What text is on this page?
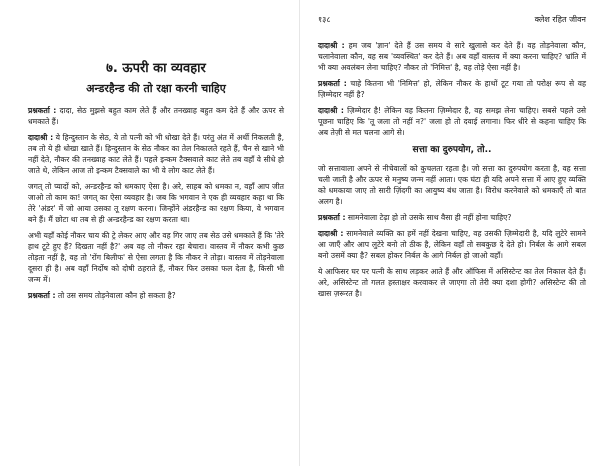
७. ऊपरी का व्यवहार
अन्डरहैन्ड की तो रक्षा करनी चाहिए

प्रश्नकर्ता : दादा, सेठ मुझसे बहुत काम लेते हैं और तनख्वाह बहुत कम देते हैं और ऊपर से धमकाते हैं।

दादाश्री : ये हिन्दुस्तान के सेठ, ये तो पत्नी को भी धोखा देते हैं। परंतु अंत में अर्थी निकलती है, तब तो ये ही धोखा खाते हैं। हिन्दुस्तान के सेठ नौकर का तेल निकालते रहते हैं, चैन से खाने भी नहीं देते, नौकर की तनख्वाह काट लेते हैं। पहले इन्कम टैक्सवाले काट लेते तब वहाँ वे सीधे हो जाते थे, लेकिन आज तो इन्कम टैक्सवाले का भी वे लोग काट लेते हैं।

जगत् तो प्यादों को, अन्डरहैन्ड को धमकाए ऐसा है। अरे, साहब को धमका न, वहाँ आप जीत जाओ तो काम का! जगत् का ऐसा व्यवहार है। जब कि भगवान ने एक ही व्यवहार कहा था कि तेरे 'अंडर' में जो आया उसका तू रक्षण करना। जिन्होंने अंडरहैन्ड का रक्षण किया, वे भगवान बने हैं। मैं छोटा था तब से ही अन्डरहैन्ड का रक्षण करता था।

अभी यहाँ कोई नौकर चाय की ट्रे लेकर आए और वह गिर जाए तब सेठ उसे धमकाते हैं कि 'तेरे हाथ टूटे हुए हैं? दिखता नहीं है?' अब वह तो नौकर रहा बेचारा। वास्तव में नौकर कभी कुछ तोड़ता नहीं है, वह तो 'रोंग बिलीफ' से ऐसा लगता है कि नौकर ने तोड़ा। वास्तव में तोड़नेवाला दूसरा ही है। अब वहाँ निर्दोष को दोषी ठहराते हैं, नौकर फिर उसका फल देता है, किसी भी जन्म में।

प्रश्नकर्ता : तो उस समय तोड़नेवाला कौन हो सकता है?

१३८	क्लेश रहित जीवन

दादाश्री : हम जब 'ज्ञान' देते हैं उस समय वे सारे खुलासे कर देते हैं। वह तोड़नेवाला कौन, चलानेवाला कौन, वह सब 'व्यवस्थित' कर देते हैं। अब वहाँ वास्तव में क्या करना चाहिए? भ्रांति में भी क्या अवलंबन लेना चाहिए? नौकर तो 'निमित्त' है, वह तोड़े ऐसा नहीं है।

प्रश्नकर्ता : चाहे कितना भी 'निमित्त' हो, लेकिन नौकर के हाथों टूट गया तो परोक्ष रूप से वह ज़िम्मेदार नहीं है?

दादाश्री : ज़िम्मेदार है! लेकिन वह कितना ज़िम्मेदार है, वह समझ लेना चाहिए। सबसे पहले उसे पूछना चाहिए कि 'तू जला तो नहीं न?' जला हो तो दवाई लगाना। फिर धीरे से कहना चाहिए कि अब तेज़ी से मत चलना आगे से।

सत्ता का दुरुपयोग, तो..

जो सत्तावाला अपने से नीचेवालों को कुचलता रहता है। जो सत्ता का दुरुपयोग करता है, वह सत्ता चली जाती है और ऊपर से मनुष्य जन्म नहीं आता। एक घंटा ही यदि अपने सत्ता में आए हुए व्यक्ति को धमकाया जाए तो सारी ज़िंदगी का आयुष्य बंध जाता है। विरोध करनेवाले को धमकाएँ तो बात अलग है।

प्रश्नकर्ता : सामनेवाला टेढ़ा हो तो उसके साथ वैसा ही नहीं होना चाहिए?

दादाश्री : सामनेवाले व्यक्ति का हमें नहीं देखना चाहिए, वह उसकी ज़िम्मेदारी है, यदि लुटेरे सामने आ जाएँ और आप लुटेरे बनो तो ठीक है, लेकिन वहाँ तो सबकुछ दे देते हो। निर्बल के आगे सबल बनो उसमें क्या है? सबल होकर निर्बल के आगे निर्बल हो जाओ वहाँ।

ये आफिसर घर पर पत्नी के साथ लड़कर आते हैं और ऑफिस में असिस्टेन्ट का तेल निकाल देते हैं। अरे, असिस्टेन्ट तो गलत हस्ताक्षर करवाकर ले जाएगा तो तेरी क्या दशा होगी? असिस्टेन्ट की तो खास ज़रूरत है।
